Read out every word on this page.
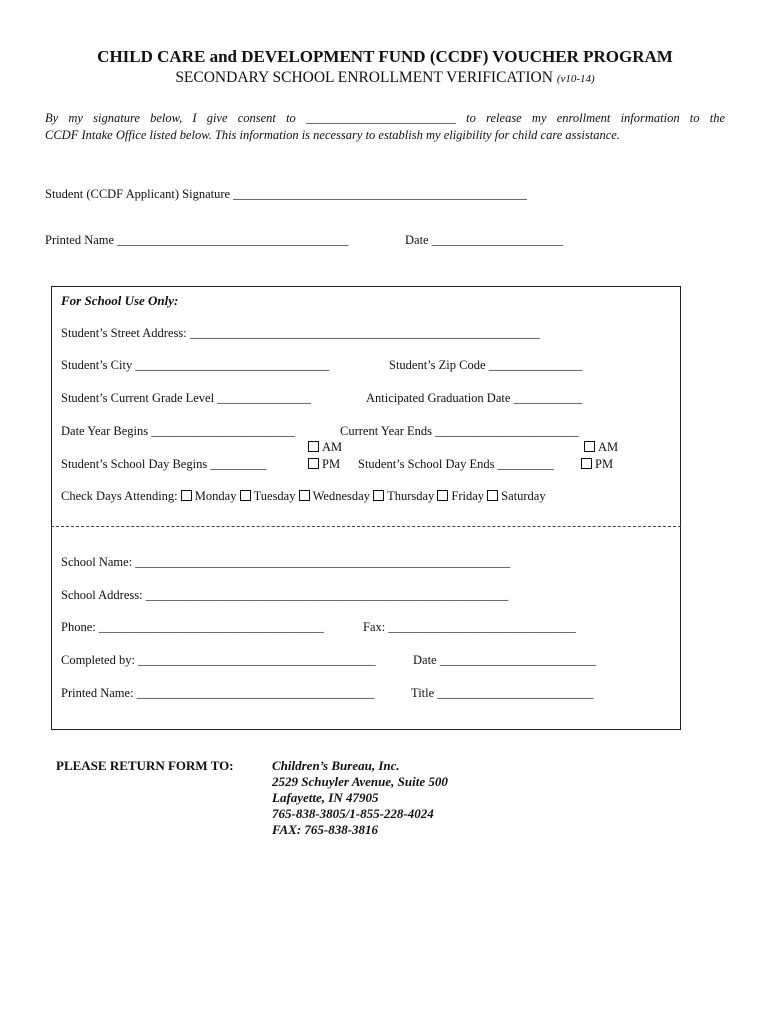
CHILD CARE and DEVELOPMENT FUND (CCDF) VOUCHER PROGRAM
SECONDARY SCHOOL ENROLLMENT VERIFICATION (v10-14)
By my signature below, I give consent to ________________________ to release my enrollment information to the
CCDF Intake Office listed below. This information is necessary to establish my eligibility for child care assistance.
Student (CCDF Applicant) Signature _______________________________________________
Printed Name _____________________________________	Date _____________________
For School Use Only:
Student’s Street Address: ________________________________________________________
Student’s City _______________________________	Student’s Zip Code _______________
Student’s Current Grade Level _______________	Anticipated Graduation Date ___________
Date Year Begins _______________________	Current Year Ends _______________________
AM	AM
Student’s School Day Begins _________	PM Student’s School Day Ends _________	PM
Check Days Attending: Monday Tuesday Wednesday Thursday Friday Saturday
School Name: ____________________________________________________________
School Address: __________________________________________________________
Phone: ____________________________________	Fax: ______________________________
Completed by: ______________________________________	Date _________________________
Printed Name: ______________________________________	Title _________________________
PLEASE RETURN FORM TO:	Children’s Bureau, Inc.
2529 Schuyler Avenue, Suite 500
Lafayette, IN 47905
765-838-3805/1-855-228-4024
FAX: 765-838-3816
